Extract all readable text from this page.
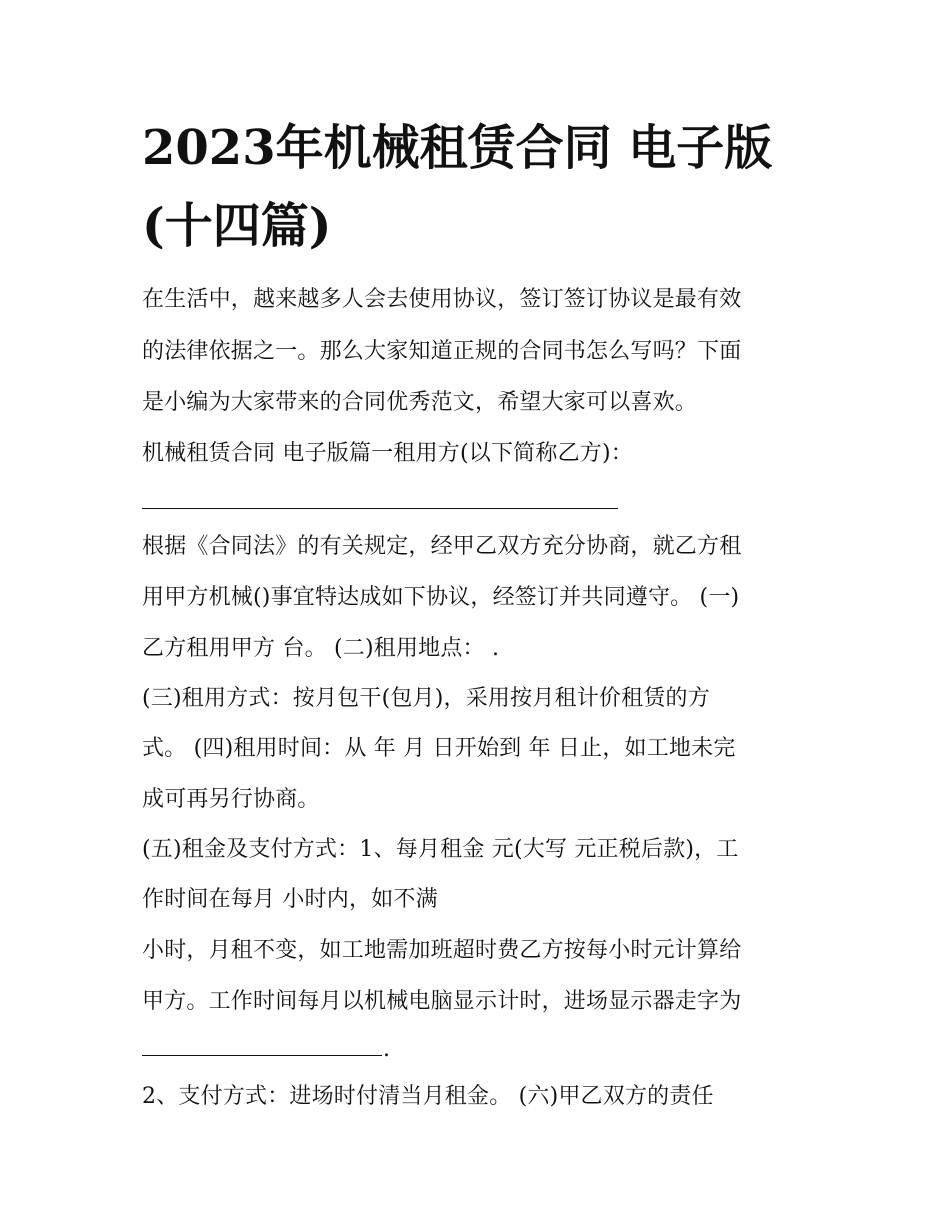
2023年机械租赁合同 电子版
(十四篇)

在生活中，越来越多人会去使用协议，签订签订协议是最有效

的法律依据之一。那么大家知道正规的合同书怎么写吗？下面

是小编为大家带来的合同优秀范文，希望大家可以喜欢。

机械租赁合同 电子版篇一租用方(以下简称乙方)：

根据《合同法》的有关规定，经甲乙双方充分协商，就乙方租

用甲方机械()事宜特达成如下协议，经签订并共同遵守。 (一)

乙方租用甲方 台。 (二)租用地点： .

(三)租用方式：按月包干(包月)，采用按月租计价租赁的方

式。 (四)租用时间：从 年 月 日开始到 年 日止，如工地未完

成可再另行协商。

(五)租金及支付方式：1、每月租金 元(大写 元正税后款)，工

作时间在每月 小时内，如不满

小时，月租不变，如工地需加班超时费乙方按每小时元计算给

甲方。工作时间每月以机械电脑显示计时，进场显示器走字为

.

2、支付方式：进场时付清当月租金。 (六)甲乙双方的责任
